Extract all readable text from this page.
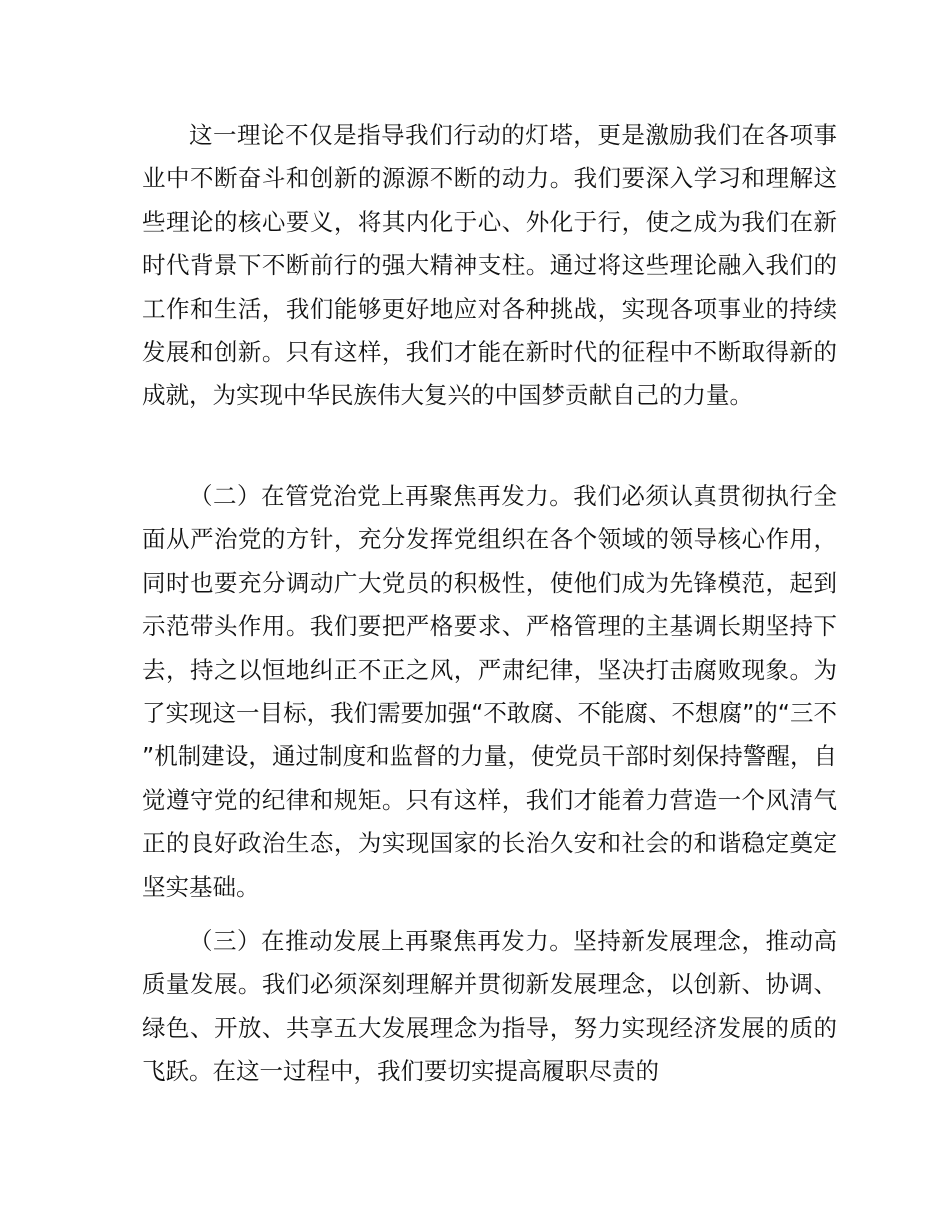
这一理论不仅是指导我们行动的灯塔，更是激励我们在各项事业中不断奋斗和创新的源源不断的动力。我们要深入学习和理解这些理论的核心要义，将其内化于心、外化于行，使之成为我们在新时代背景下不断前行的强大精神支柱。通过将这些理论融入我们的工作和生活，我们能够更好地应对各种挑战，实现各项事业的持续发展和创新。只有这样，我们才能在新时代的征程中不断取得新的成就，为实现中华民族伟大复兴的中国梦贡献自己的力量。

（二）在管党治党上再聚焦再发力。我们必须认真贯彻执行全面从严治党的方针，充分发挥党组织在各个领域的领导核心作用，同时也要充分调动广大党员的积极性，使他们成为先锋模范，起到示范带头作用。我们要把严格要求、严格管理的主基调长期坚持下去，持之以恒地纠正不正之风，严肃纪律，坚决打击腐败现象。为了实现这一目标，我们需要加强“不敢腐、不能腐、不想腐”的“三不”机制建设，通过制度和监督的力量，使党员干部时刻保持警醒，自觉遵守党的纪律和规矩。只有这样，我们才能着力营造一个风清气正的良好政治生态，为实现国家的长治久安和社会的和谐稳定奠定坚实基础。

（三）在推动发展上再聚焦再发力。坚持新发展理念，推动高质量发展。我们必须深刻理解并贯彻新发展理念，以创新、协调、绿色、开放、共享五大发展理念为指导，努力实现经济发展的质的飞跃。在这一过程中，我们要切实提高履职尽责的
